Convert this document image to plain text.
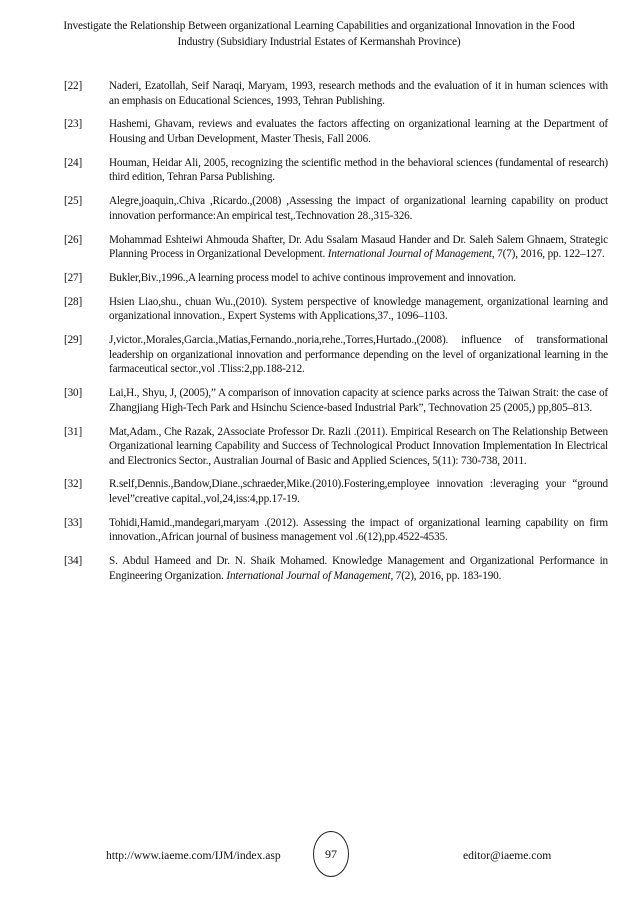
Investigate the Relationship Between organizational Learning Capabilities and organizational Innovation in the Food
Industry (Subsidiary Industrial Estates of Kermanshah Province)
[22]	Naderi, Ezatollah, Seif Naraqi, Maryam, 1993, research methods and the evaluation of it in human sciences with an emphasis on Educational Sciences, 1993, Tehran Publishing.
[23]	Hashemi, Ghavam, reviews and evaluates the factors affecting on organizational learning at the Department of Housing and Urban Development, Master Thesis, Fall 2006.
[24]	Houman, Heidar Ali, 2005, recognizing the scientific method in the behavioral sciences (fundamental of research) third edition, Tehran Parsa Publishing.
[25]	Alegre,joaquin,.Chiva ,Ricardo.,(2008) ,Assessing the impact of organizational learning capability on product innovation performance:An empirical test,.Technovation 28.,315-326.
[26]	Mohammad Eshteiwi Ahmouda Shafter, Dr. Adu Ssalam Masaud Hander and Dr. Saleh Salem Ghnaem, Strategic Planning Process in Organizational Development. International Journal of Management, 7(7), 2016, pp. 122–127.
[27]	Bukler,Biv.,1996.,A learning process model to achive continous improvement and innovation.
[28]	Hsien Liao,shu., chuan Wu.,(2010). System perspective of knowledge management, organizational learning and organizational innovation., Expert Systems with Applications,37., 1096–1103.
[29]	J,victor.,Morales,Garcia.,Matias,Fernando.,noria,rehe.,Torres,Hurtado.,(2008). influence of transformational leadership on organizational innovation and performance depending on the level of organizational learning in the farmaceutical sector.,vol .Tliss:2,pp.188-212.
[30]	Lai,H., Shyu, J, (2005),” A comparison of innovation capacity at science parks across the Taiwan Strait: the case of Zhangjiang High-Tech Park and Hsinchu Science-based Industrial Park”, Technovation 25 (2005,) pp,805–813.
[31]	Mat,Adam., Che Razak, 2Associate Professor Dr. Razli .(2011). Empirical Research on The Relationship Between Organizational learning Capability and Success of Technological Product Innovation Implementation In Electrical and Electronics Sector., Australian Journal of Basic and Applied Sciences, 5(11): 730-738, 2011.
[32]	R.self,Dennis.,Bandow,Diane.,schraeder,Mike.(2010).Fostering,employee innovation :leveraging your “ground level”creative capital.,vol,24,iss:4,pp.17-19.
[33]	Tohidi,Hamid.,mandegari,maryam .(2012). Assessing the impact of organizational learning capability on firm innovation.,African journal of business management vol .6(12),pp.4522-4535.
[34]	S. Abdul Hameed and Dr. N. Shaik Mohamed. Knowledge Management and Organizational Performance in Engineering Organization. International Journal of Management, 7(2), 2016, pp. 183-190.
http://www.iaeme.com/IJM/index.asp	97	editor@iaeme.com
